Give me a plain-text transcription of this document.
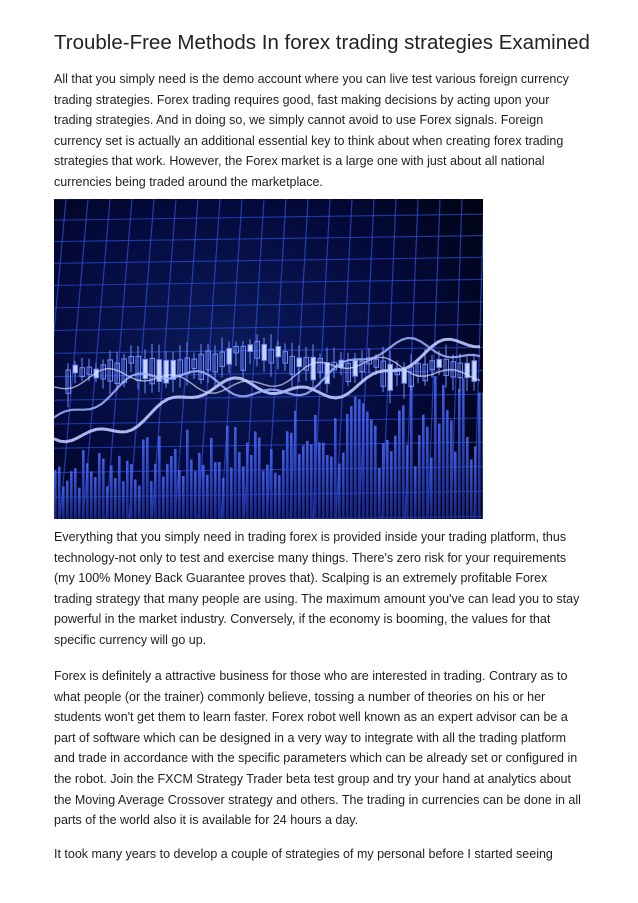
Trouble-Free Methods In forex trading strategies Examined

All that you simply need is the demo account where you can live test various foreign currency trading strategies. Forex trading requires good, fast making decisions by acting upon your trading strategies. And in doing so, we simply cannot avoid to use Forex signals. Foreign currency set is actually an additional essential key to think about when creating forex trading strategies that work. However, the Forex market is a large one with just about all national currencies being traded around the marketplace.

Everything that you simply need in trading forex is provided inside your trading platform, thus technology-not only to test and exercise many things. There's zero risk for your requirements (my 100% Money Back Guarantee proves that). Scalping is an extremely profitable Forex trading strategy that many people are using. The maximum amount you've can lead you to stay powerful in the market industry. Conversely, if the economy is booming, the values for that specific currency will go up.

Forex is definitely a attractive business for those who are interested in trading. Contrary as to what people (or the trainer) commonly believe, tossing a number of theories on his or her students won't get them to learn faster. Forex robot well known as an expert advisor can be a part of software which can be designed in a very way to integrate with all the trading platform and trade in accordance with the specific parameters which can be already set or configured in the robot. Join the FXCM Strategy Trader beta test group and try your hand at analytics about the Moving Average Crossover strategy and others. The trading in currencies can be done in all parts of the world also it is available for 24 hours a day.

It took many years to develop a couple of strategies of my personal before I started seeing
